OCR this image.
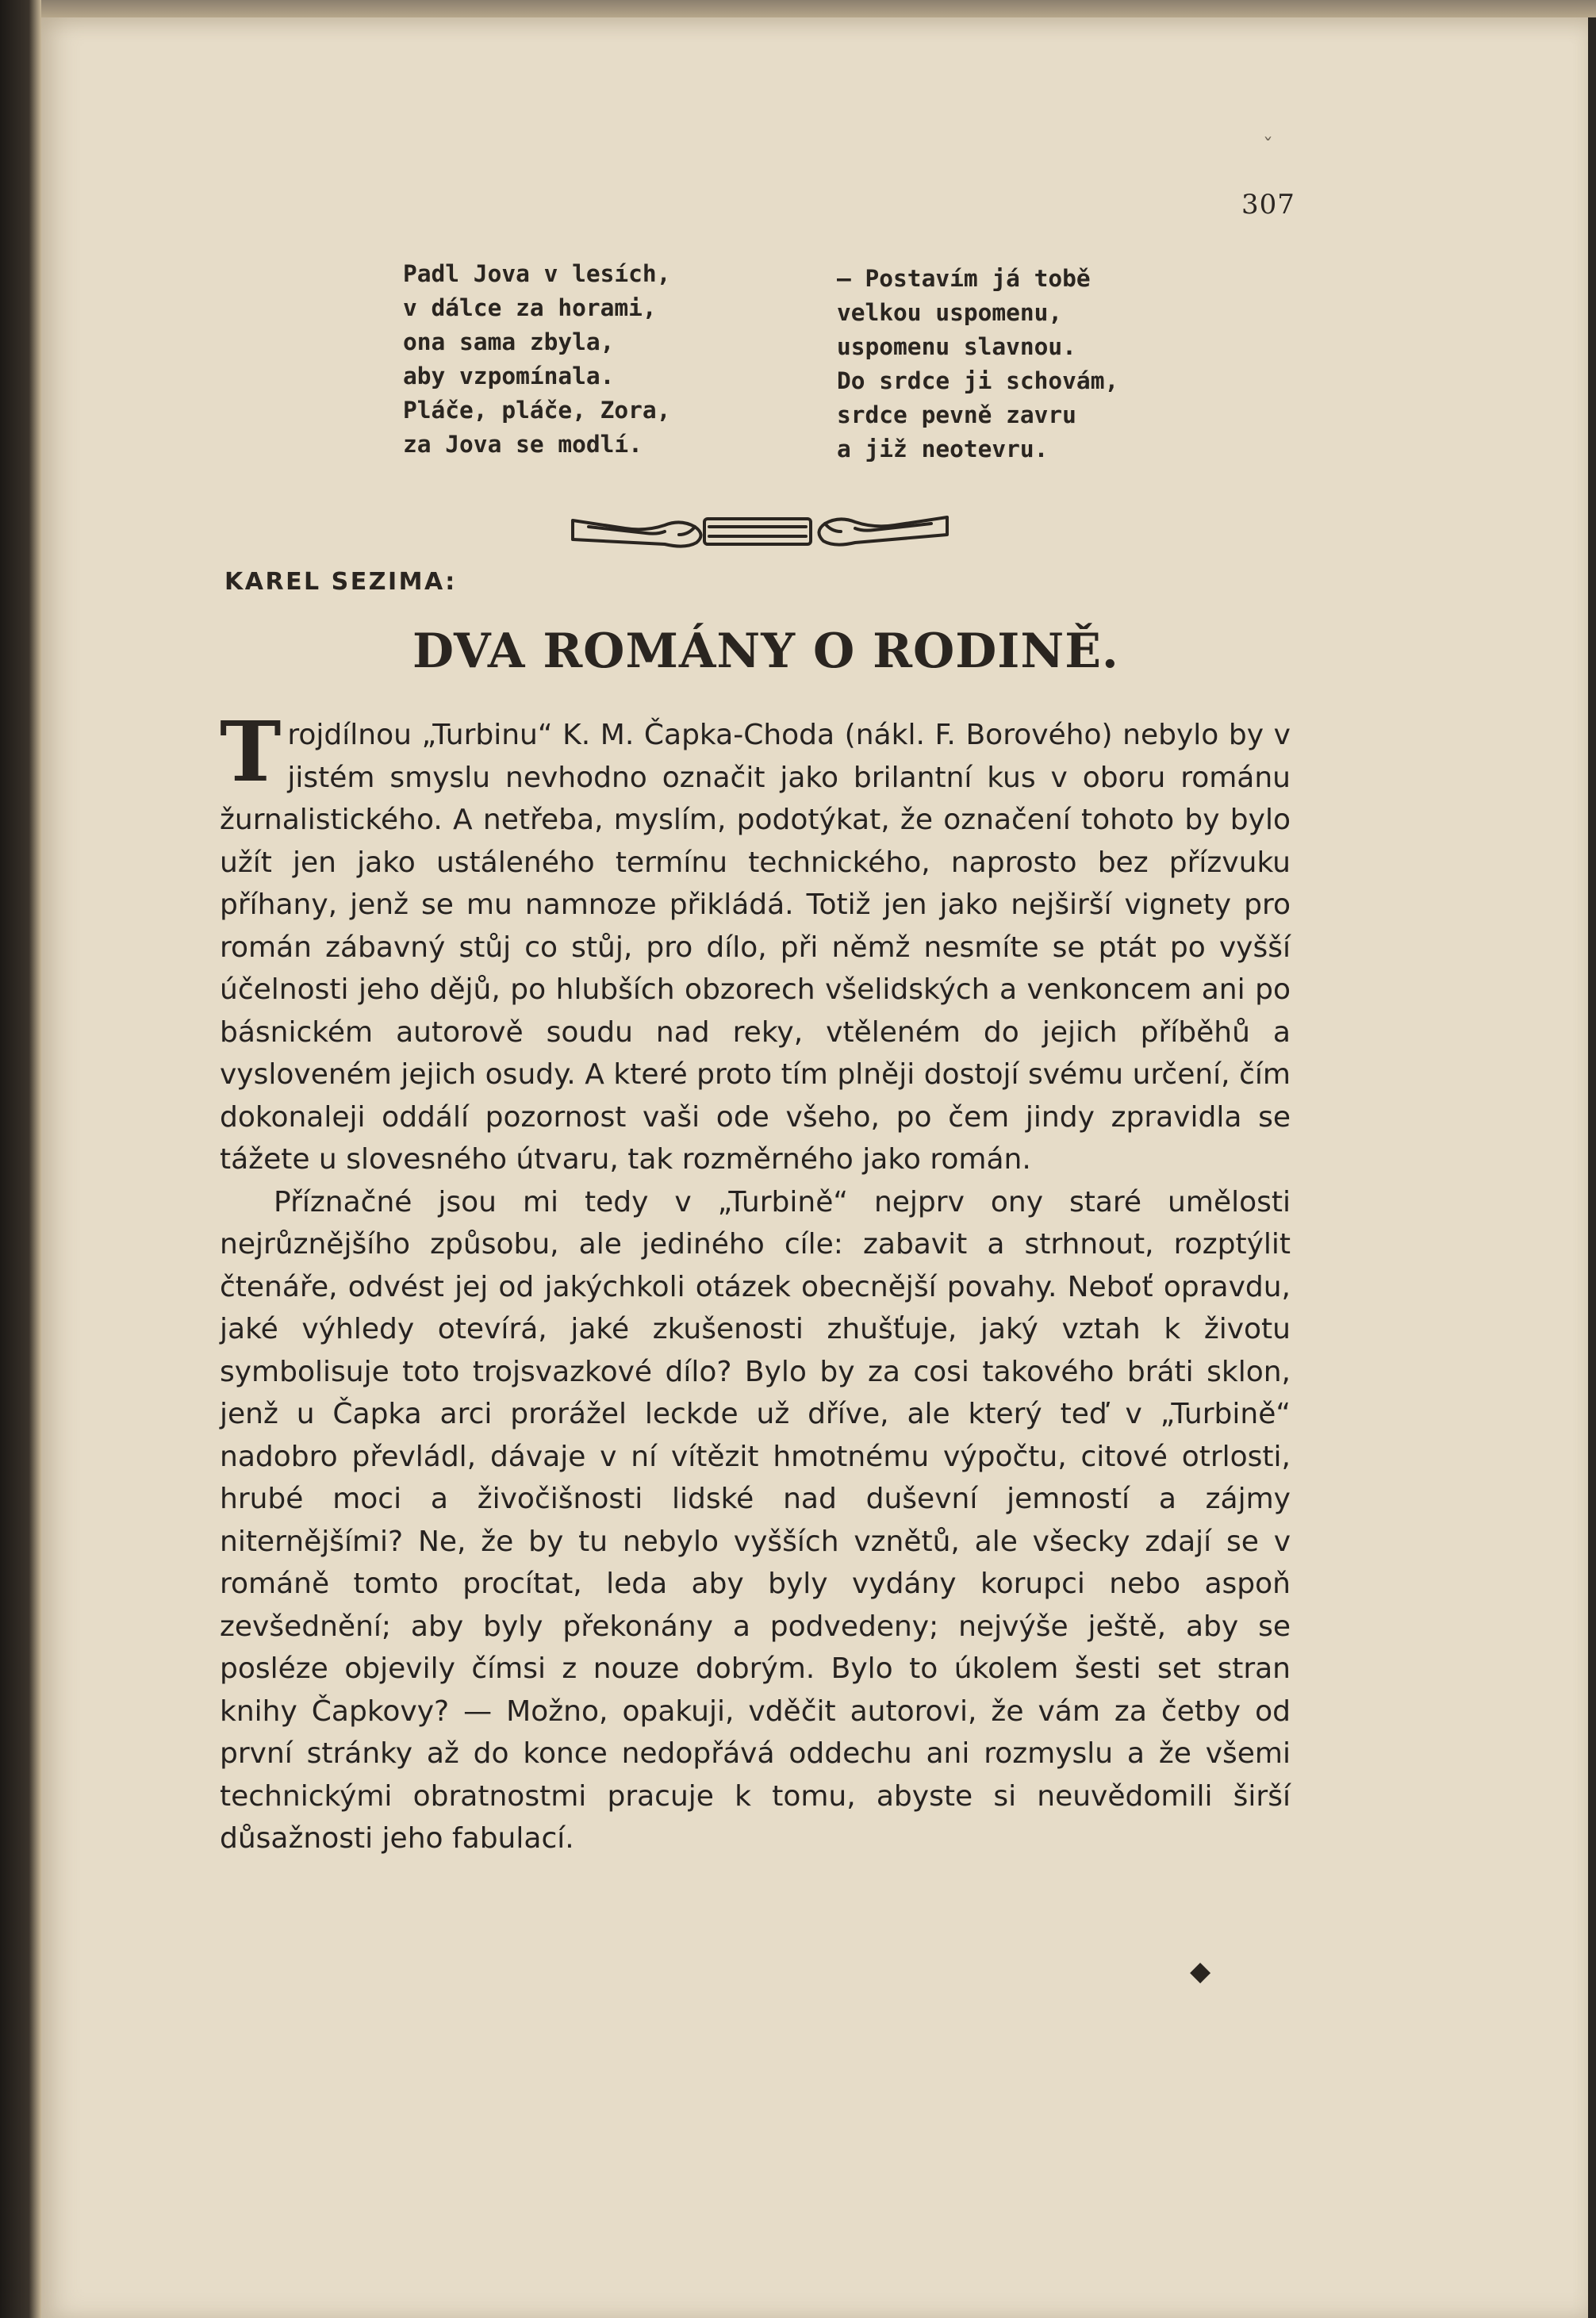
ˇ
307
Padl Jova v lesích,
v dálce za horami,
ona sama zbyla,
aby vzpomínala.
Pláče, pláče, Zora,
za Jova se modlí.
— Postavím já tobě
velkou uspomenu,
uspomenu slavnou.
Do srdce ji schovám,
srdce pevně zavru
a již neotevru.
KAREL SEZIMA:
DVA ROMÁNY O RODINĚ.

Trojdílnou „Turbinu“ K. M. Čapka-Choda (nákl. F. Borového) nebylo by v jistém smyslu nevhodno označit jako brilantní kus v oboru románu žurnalistického. A netřeba, myslím, podotýkat, že označení tohoto by bylo užít jen jako ustáleného termínu technického, naprosto bez přízvuku příhany, jenž se mu namnoze přikládá. Totiž jen jako nejširší vignety pro román zábavný stůj co stůj, pro dílo, při němž nesmíte se ptát po vyšší účelnosti jeho dějů, po hlubších obzorech všelidských a venkoncem ani po básnickém autorově soudu nad reky, vtěleném do jejich příběhů a vysloveném jejich osudy. A které proto tím plněji dostojí svému určení, čím dokonaleji oddálí pozornost vaši ode všeho, po čem jindy zpravidla se tážete u slovesného útvaru, tak rozměrného jako román.

Příznačné jsou mi tedy v „Turbině“ nejprv ony staré umělosti nejrůznějšího způsobu, ale jediného cíle: zabavit a strhnout, rozptýlit čtenáře, odvést jej od jakýchkoli otázek obecnější povahy. Neboť opravdu, jaké výhledy otevírá, jaké zkušenosti zhušťuje, jaký vztah k životu symbolisuje toto trojsvazkové dílo? Bylo by za cosi takového bráti sklon, jenž u Čapka arci prorážel leckde už dříve, ale který teď v „Turbině“ nadobro převládl, dávaje v ní vítězit hmotnému výpočtu, citové otrlosti, hrubé moci a živočišnosti lidské nad duševní jemností a zájmy niternějšími? Ne, že by tu nebylo vyšších vznětů, ale všecky zdají se v románě tomto procítat, leda aby byly vydány korupci nebo aspoň zevšednění; aby byly překonány a podvedeny; nejvýše ještě, aby se posléze objevily čímsi z nouze dobrým. Bylo to úkolem šesti set stran knihy Čapkovy? — Možno, opakuji, vděčit autorovi, že vám za četby od první stránky až do konce nedopřává oddechu ani rozmyslu a že všemi technickými obratnostmi pracuje k tomu, abyste si neuvědomili širší důsažnosti jeho fabulací.

◆
